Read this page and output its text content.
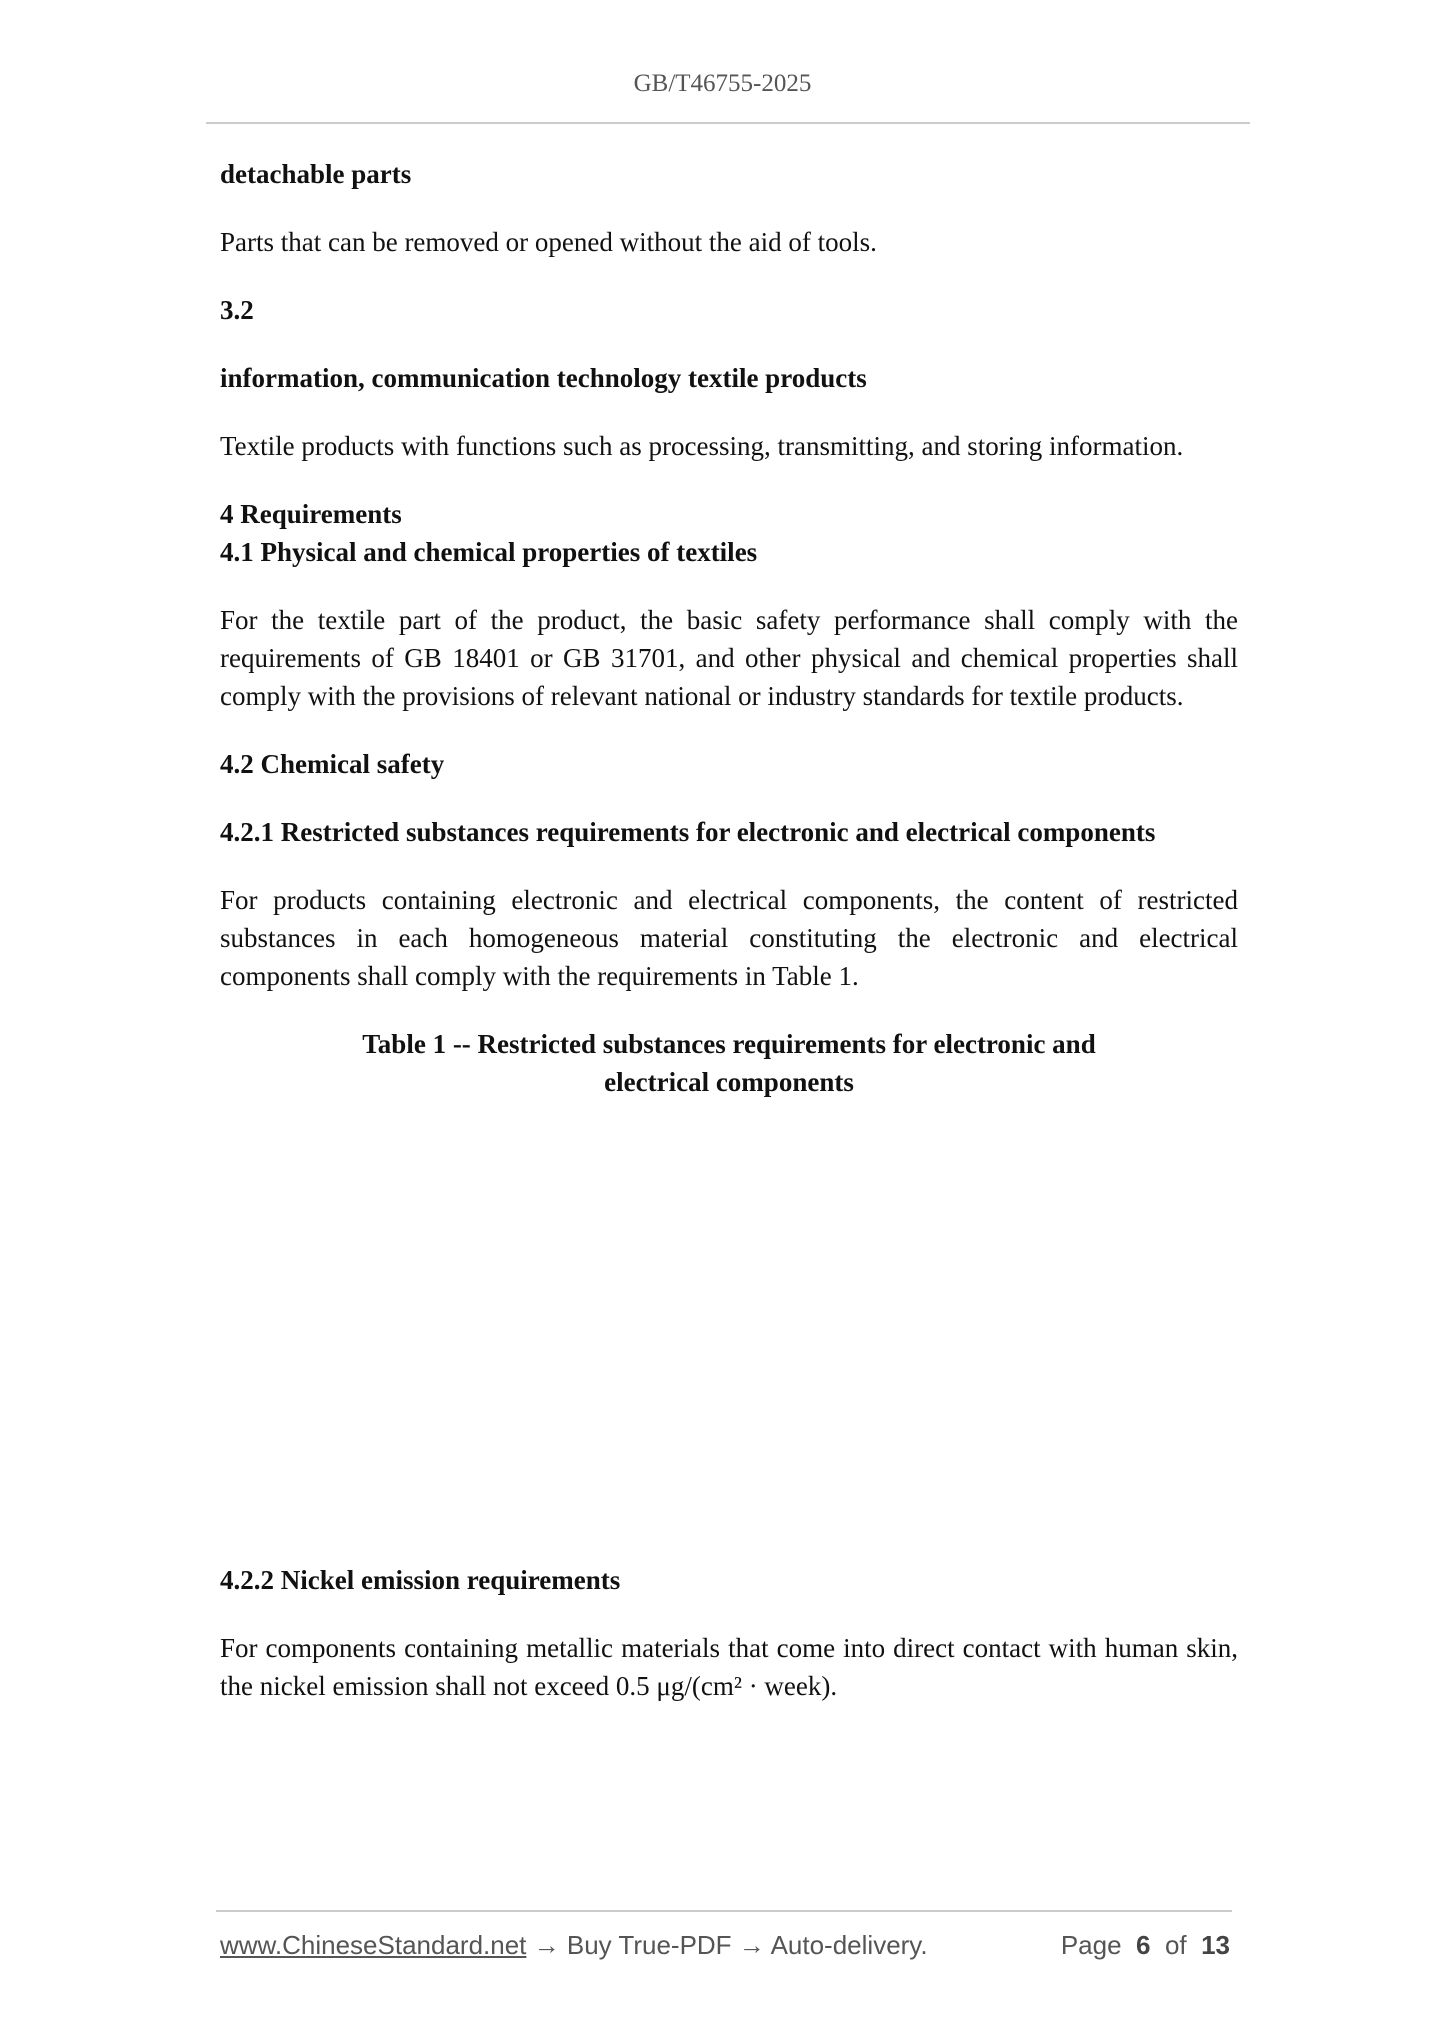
GB/T46755-2025

detachable parts

Parts that can be removed or opened without the aid of tools.

3.2

information, communication technology textile products

Textile products with functions such as processing, transmitting, and storing information.

4 Requirements

4.1 Physical and chemical properties of textiles

For the textile part of the product, the basic safety performance shall comply with the requirements of GB 18401 or GB 31701, and other physical and chemical properties shall comply with the provisions of relevant national or industry standards for textile products.

4.2 Chemical safety

4.2.1 Restricted substances requirements for electronic and electrical components

For products containing electronic and electrical components, the content of restricted substances in each homogeneous material constituting the electronic and electrical components shall comply with the requirements in Table 1.

Table 1 -- Restricted substances requirements for electronic and electrical components

4.2.2 Nickel emission requirements

For components containing metallic materials that come into direct contact with human skin, the nickel emission shall not exceed 0.5 μg/(cm² · week).

www.ChineseStandard.net → Buy True-PDF → Auto-delivery.	Page 6 of 13
